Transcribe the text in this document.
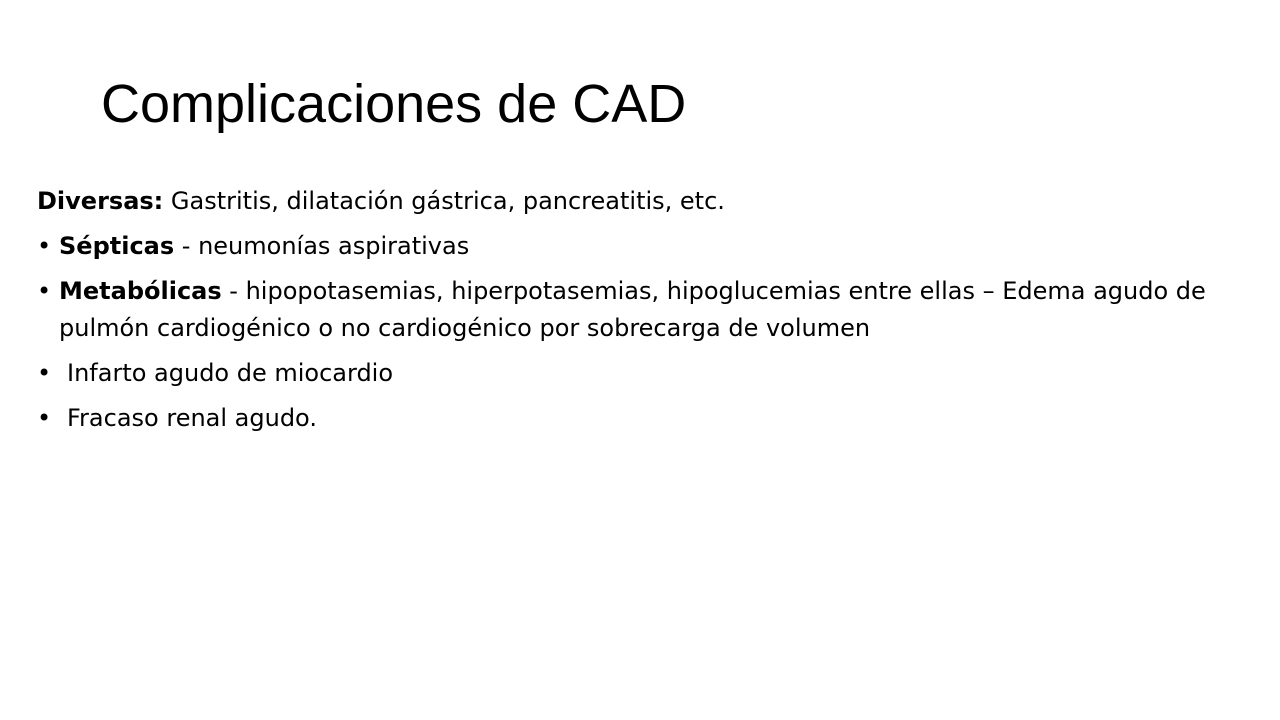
Complicaciones de CAD

Diversas: Gastritis, dilatación gástrica, pancreatitis, etc.

• Sépticas - neumonías aspirativas
• Metabólicas - hipopotasemias, hiperpotasemias, hipoglucemias entre ellas – Edema agudo de pulmón cardiogénico o no cardiogénico por sobrecarga de volumen
• Infarto agudo de miocardio
• Fracaso renal agudo.
